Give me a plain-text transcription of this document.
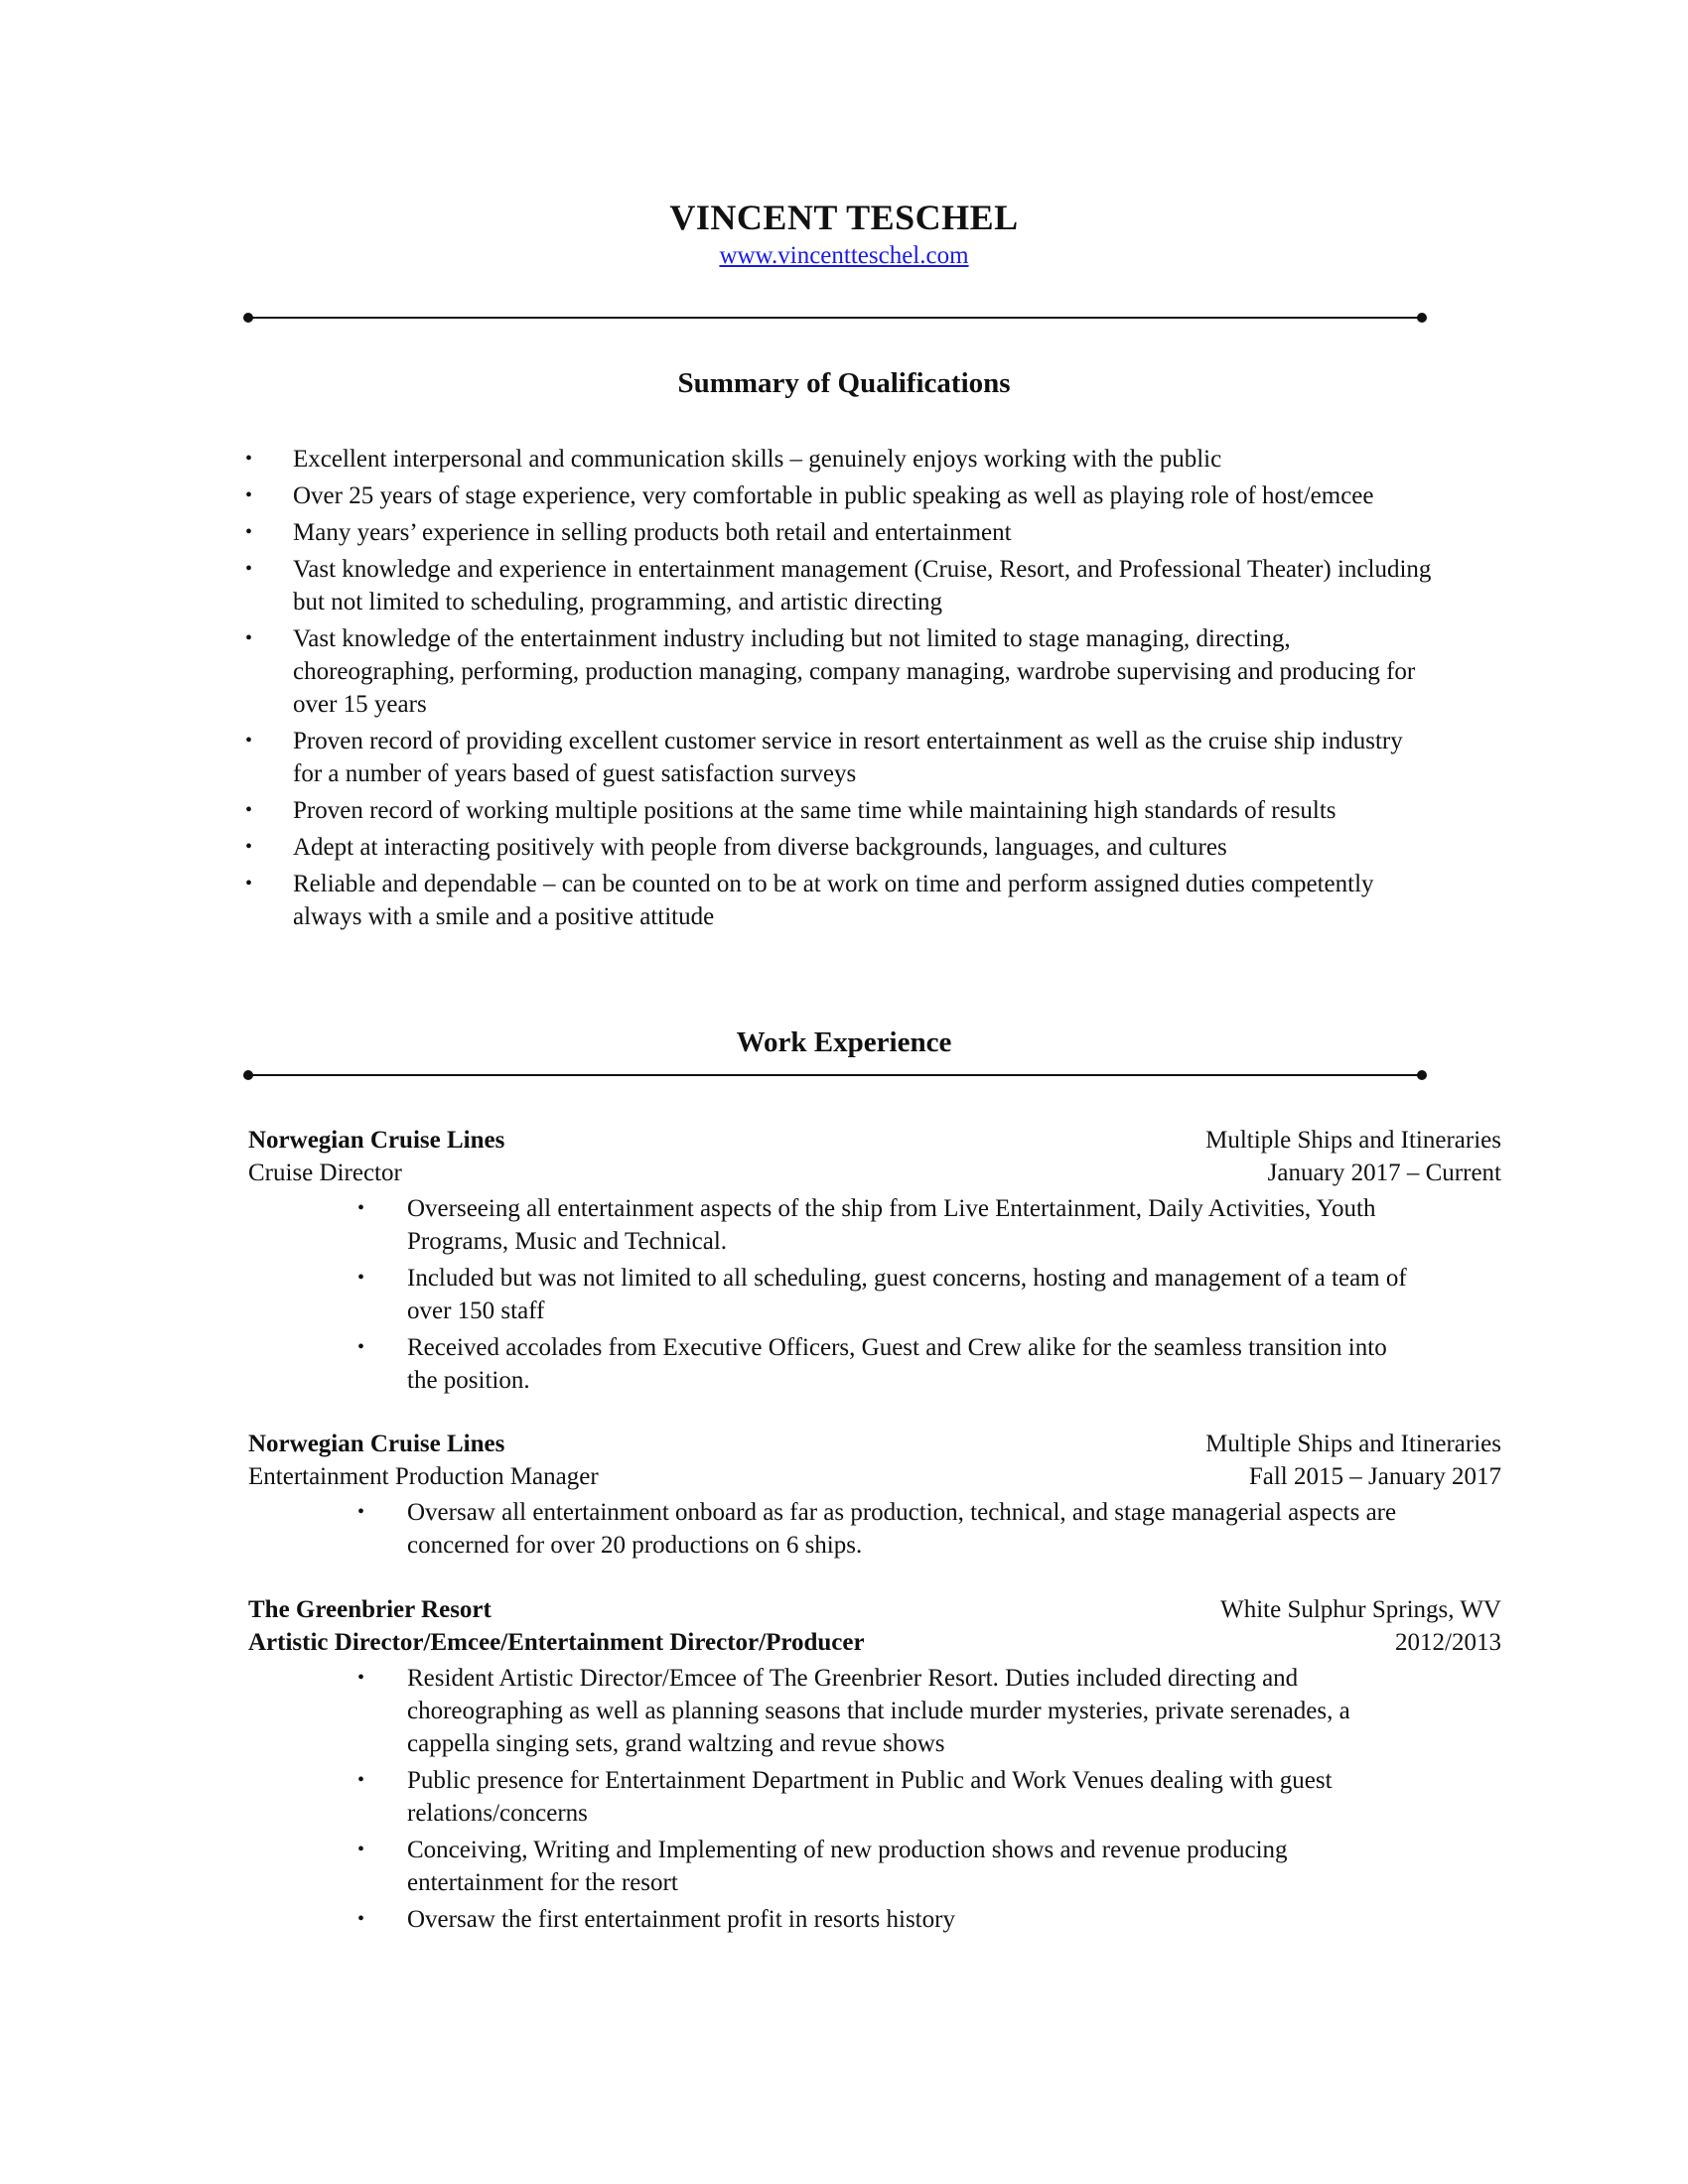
VINCENT TESCHEL
www.vincentteschel.com
Summary of Qualifications
• Excellent interpersonal and communication skills – genuinely enjoys working with the public
• Over 25 years of stage experience, very comfortable in public speaking as well as playing role of host/emcee
• Many years’ experience in selling products both retail and entertainment
• Vast knowledge and experience in entertainment management (Cruise, Resort, and Professional Theater) including but not limited to scheduling, programming, and artistic directing
• Vast knowledge of the entertainment industry including but not limited to stage managing, directing, choreographing, performing, production managing, company managing, wardrobe supervising and producing for over 15 years
• Proven record of providing excellent customer service in resort entertainment as well as the cruise ship industry for a number of years based of guest satisfaction surveys
• Proven record of working multiple positions at the same time while maintaining high standards of results
• Adept at interacting positively with people from diverse backgrounds, languages, and cultures
• Reliable and dependable – can be counted on to be at work on time and perform assigned duties competently always with a smile and a positive attitude
Work Experience
Norwegian Cruise Lines	Multiple Ships and Itineraries
Cruise Director	January 2017 – Current
• Overseeing all entertainment aspects of the ship from Live Entertainment, Daily Activities, Youth Programs, Music and Technical.
• Included but was not limited to all scheduling, guest concerns, hosting and management of a team of over 150 staff
• Received accolades from Executive Officers, Guest and Crew alike for the seamless transition into the position.
Norwegian Cruise Lines	Multiple Ships and Itineraries
Entertainment Production Manager	Fall 2015 – January 2017
• Oversaw all entertainment onboard as far as production, technical, and stage managerial aspects are concerned for over 20 productions on 6 ships.
The Greenbrier Resort	White Sulphur Springs, WV
Artistic Director/Emcee/Entertainment Director/Producer	2012/2013
• Resident Artistic Director/Emcee of The Greenbrier Resort. Duties included directing and choreographing as well as planning seasons that include murder mysteries, private serenades, a cappella singing sets, grand waltzing and revue shows
• Public presence for Entertainment Department in Public and Work Venues dealing with guest relations/concerns
• Conceiving, Writing and Implementing of new production shows and revenue producing entertainment for the resort
• Oversaw the first entertainment profit in resorts history
